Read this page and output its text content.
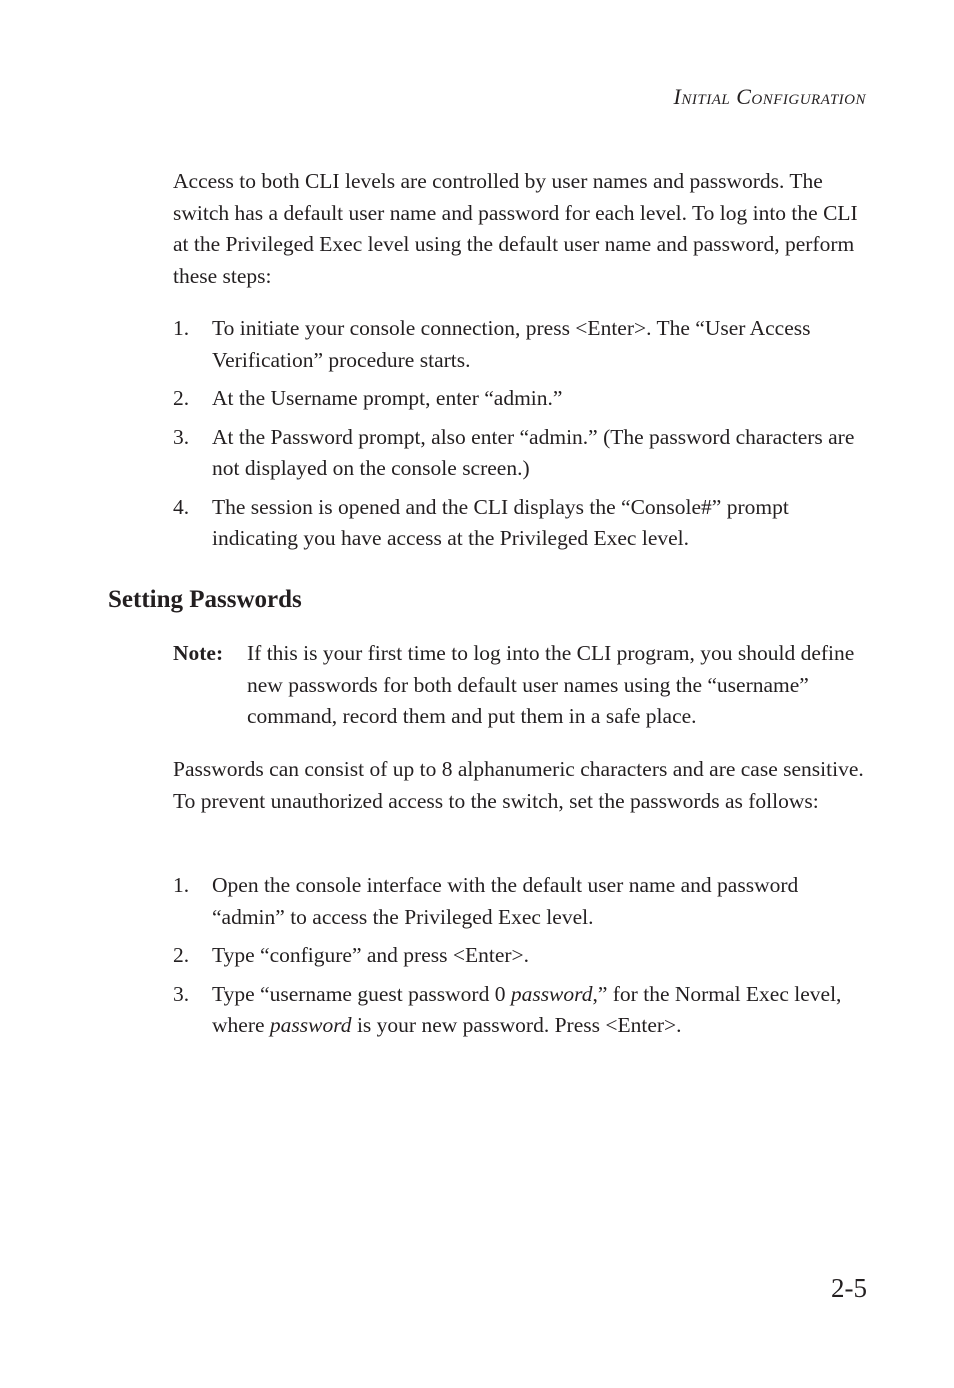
Initial Configuration

Access to both CLI levels are controlled by user names and passwords. The switch has a default user name and password for each level. To log into the CLI at the Privileged Exec level using the default user name and password, perform these steps:

1. To initiate your console connection, press <Enter>. The “User Access Verification” procedure starts.
2. At the Username prompt, enter “admin.”
3. At the Password prompt, also enter “admin.” (The password characters are not displayed on the console screen.)
4. The session is opened and the CLI displays the “Console#” prompt indicating you have access at the Privileged Exec level.
Setting Passwords
Note:	If this is your first time to log into the CLI program, you should define new passwords for both default user names using the “username” command, record them and put them in a safe place.

Passwords can consist of up to 8 alphanumeric characters and are case sensitive. To prevent unauthorized access to the switch, set the passwords as follows:

1. Open the console interface with the default user name and password “admin” to access the Privileged Exec level.
2. Type “configure” and press <Enter>.
3. Type “username guest password 0 password,” for the Normal Exec level, where password is your new password. Press <Enter>.
2-5
